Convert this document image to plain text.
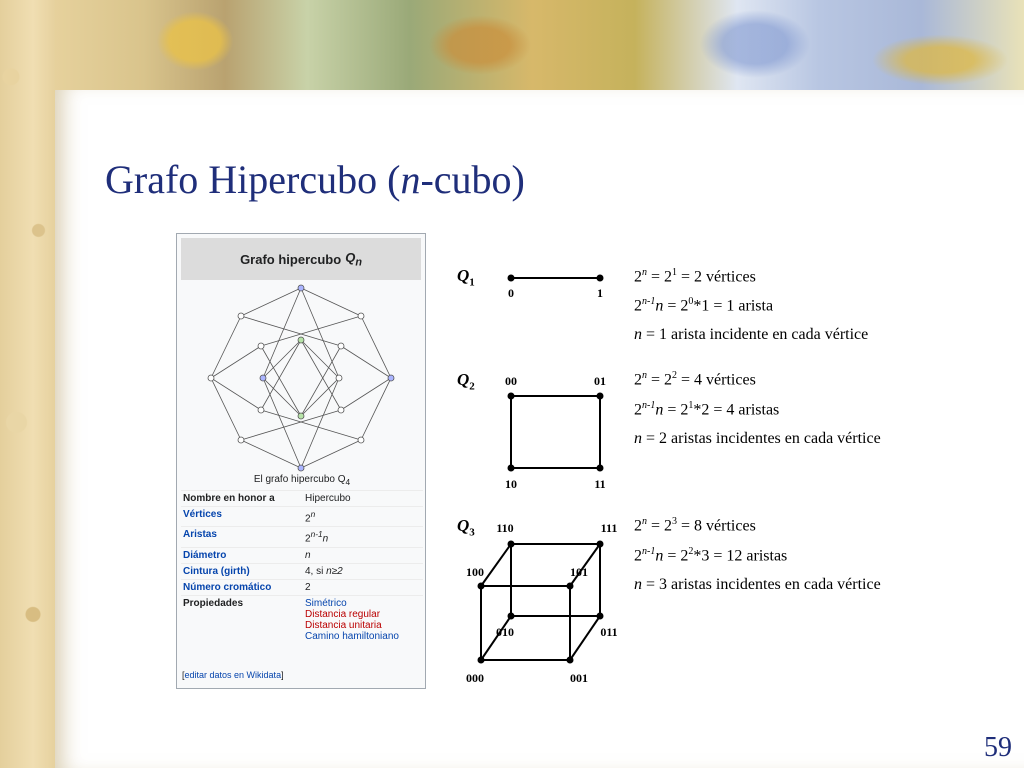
Grafo Hipercubo (n-cubo)
Grafo hipercubo $Q_n$
El grafo hipercubo $Q_4$
Nombre en honor a	Hipercubo
Vértices	2$^n$
Aristas	2$^{n-1}$n
Diámetro	n
Cintura (girth)	4, si n≥2
Número cromático	2
Propiedades	Simétrico
Distancia regular
Distancia unitaria
Camino hamiltoniano
[editar datos en Wikidata]
$Q_1$
$Q_2$
$Q_3$
0	1
00	01
10	11
110	111
100	101
010	011
000	001
$2^n = 2^1 = 2$ vértices
$2^{n-1}n = 2^0*1 = 1$ arista
n = 1 arista incidente en cada vértice
$2^n = 2^2 = 4$ vértices
$2^{n-1}n = 2^1*2 = 4$ aristas
n = 2 aristas incidentes en cada vértice
$2^n = 2^3 = 8$ vértices
$2^{n-1}n = 2^2*3 = 12$ aristas
n = 3 aristas incidentes en cada vértice
59
